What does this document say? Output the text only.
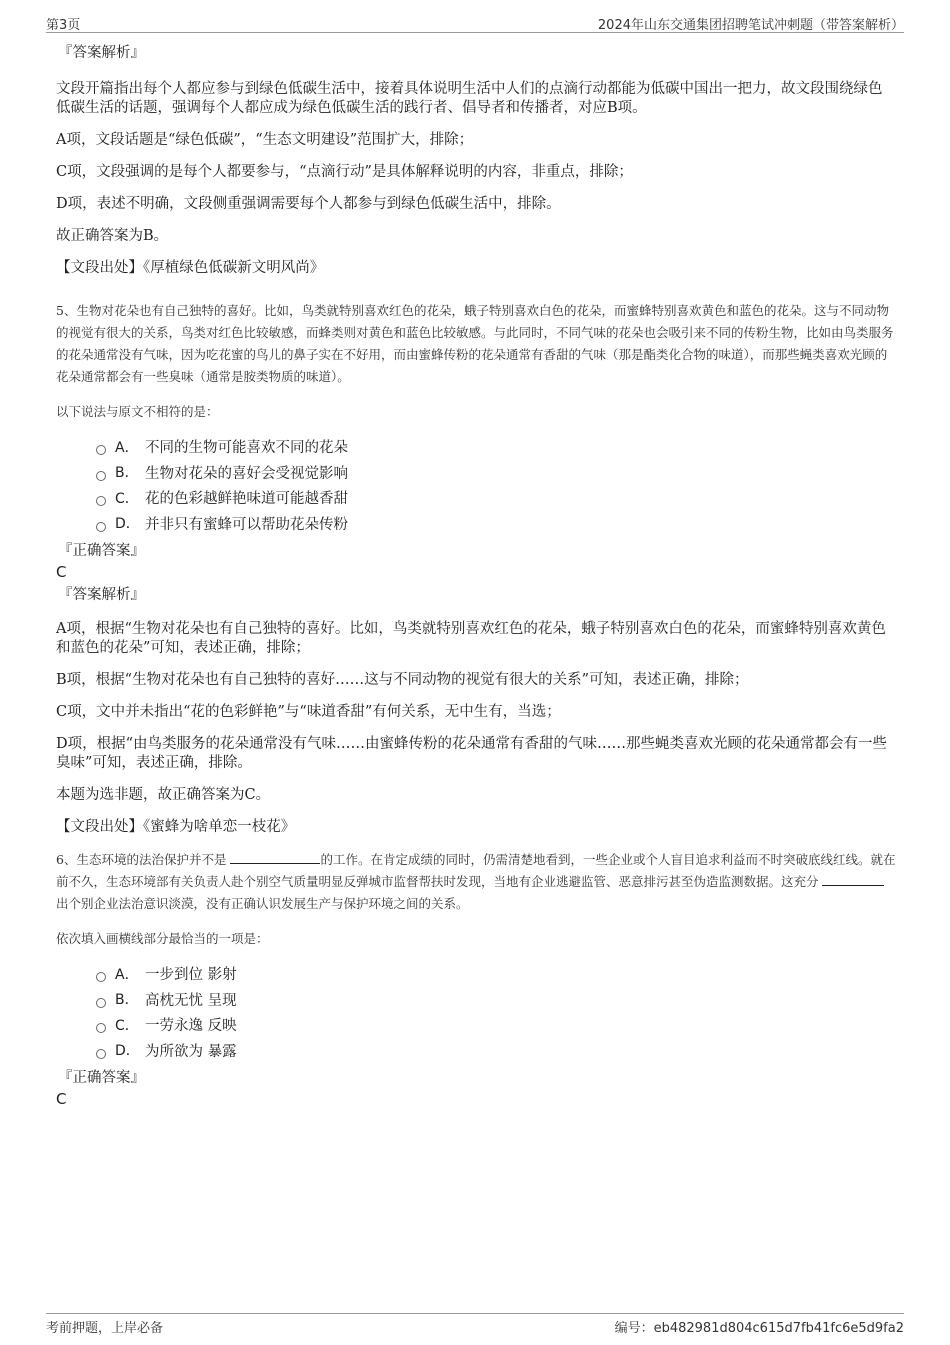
第3页	2024年山东交通集团招聘笔试冲刺题（带答案解析）

『答案解析』

文段开篇指出每个人都应参与到绿色低碳生活中，接着具体说明生活中人们的点滴行动都能为低碳中国出一把力，故文段围绕绿色低碳生活的话题，强调每个人都应成为绿色低碳生活的践行者、倡导者和传播者，对应B项。

A项，文段话题是“绿色低碳”，“生态文明建设”范围扩大，排除；

C项，文段强调的是每个人都要参与，“点滴行动”是具体解释说明的内容，非重点，排除；

D项，表述不明确，文段侧重强调需要每个人都参与到绿色低碳生活中，排除。

故正确答案为B。

【文段出处】《厚植绿色低碳新文明风尚》

5、生物对花朵也有自己独特的喜好。比如，鸟类就特别喜欢红色的花朵，蛾子特别喜欢白色的花朵，而蜜蜂特别喜欢黄色和蓝色的花朵。这与不同动物的视觉有很大的关系，鸟类对红色比较敏感，而蜂类则对黄色和蓝色比较敏感。与此同时，不同气味的花朵也会吸引来不同的传粉生物，比如由鸟类服务的花朵通常没有气味，因为吃花蜜的鸟儿的鼻子实在不好用，而由蜜蜂传粉的花朵通常有香甜的气味（那是酯类化合物的味道），而那些蝇类喜欢光顾的花朵通常都会有一些臭味（通常是胺类物质的味道）。

以下说法与原文不相符的是：

A． 不同的生物可能喜欢不同的花朵
B． 生物对花朵的喜好会受视觉影响
C． 花的色彩越鲜艳味道可能越香甜
D． 并非只有蜜蜂可以帮助花朵传粉

『正确答案』

C

『答案解析』

A项，根据“生物对花朵也有自己独特的喜好。比如，鸟类就特别喜欢红色的花朵，蛾子特别喜欢白色的花朵，而蜜蜂特别喜欢黄色和蓝色的花朵”可知，表述正确，排除；

B项，根据“生物对花朵也有自己独特的喜好……这与不同动物的视觉有很大的关系”可知，表述正确，排除；

C项，文中并未指出“花的色彩鲜艳”与“味道香甜”有何关系，无中生有，当选；

D项，根据“由鸟类服务的花朵通常没有气味……由蜜蜂传粉的花朵通常有香甜的气味……那些蝇类喜欢光顾的花朵通常都会有一些臭味”可知，表述正确，排除。

本题为选非题，故正确答案为C。

【文段出处】《蜜蜂为啥单恋一枝花》

6、生态环境的法治保护并不是	的工作。在肯定成绩的同时，仍需清楚地看到，一些企业或个人盲目追求利益而不时突破底线红线。就在前不久，生态环境部有关负责人赴个别空气质量明显反弹城市监督帮扶时发现，当地有企业逃避监管、恶意排污甚至伪造监测数据。这充分 出个别企业法治意识淡漠，没有正确认识发展生产与保护环境之间的关系。

依次填入画横线部分最恰当的一项是：

A． 一步到位 影射
B． 高枕无忧 呈现
C． 一劳永逸 反映
D． 为所欲为 暴露

『正确答案』

C

考前押题，上岸必备	编号：eb482981d804c615d7fb41fc6e5d9fa2
